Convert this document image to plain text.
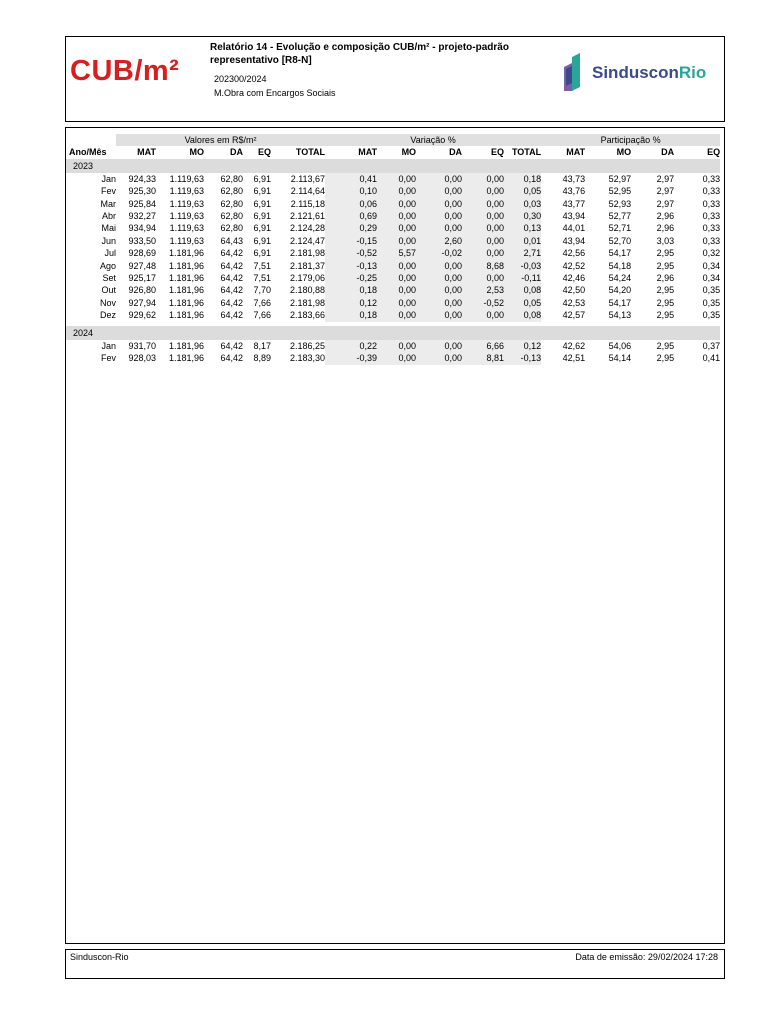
CUB/m²
Relatório 14 - Evolução e composição CUB/m² - projeto-padrão representativo [R8-N]
202300/2024
M.Obra com Encargos Sociais
SindusconRio
	Valores em R$/m²					Variação %					Participação %			
Ano/Mês	MAT	MO	DA	EQ	TOTAL	MAT	MO	DA	EQ	TOTAL	MAT	MO	DA	EQ
2023														
Jan	924,33	1.119,63	62,80	6,91	2.113,67	0,41	0,00	0,00	0,00	0,18	43,73	52,97	2,97	0,33
Fev	925,30	1.119,63	62,80	6,91	2.114,64	0,10	0,00	0,00	0,00	0,05	43,76	52,95	2,97	0,33
Mar	925,84	1.119,63	62,80	6,91	2.115,18	0,06	0,00	0,00	0,00	0,03	43,77	52,93	2,97	0,33
Abr	932,27	1.119,63	62,80	6,91	2.121,61	0,69	0,00	0,00	0,00	0,30	43,94	52,77	2,96	0,33
Mai	934,94	1.119,63	62,80	6,91	2.124,28	0,29	0,00	0,00	0,00	0,13	44,01	52,71	2,96	0,33
Jun	933,50	1.119,63	64,43	6,91	2.124,47	-0,15	0,00	2,60	0,00	0,01	43,94	52,70	3,03	0,33
Jul	928,69	1.181,96	64,42	6,91	2.181,98	-0,52	5,57	-0,02	0,00	2,71	42,56	54,17	2,95	0,32
Ago	927,48	1.181,96	64,42	7,51	2.181,37	-0,13	0,00	0,00	8,68	-0,03	42,52	54,18	2,95	0,34
Set	925,17	1.181,96	64,42	7,51	2.179,06	-0,25	0,00	0,00	0,00	-0,11	42,46	54,24	2,96	0,34
Out	926,80	1.181,96	64,42	7,70	2.180,88	0,18	0,00	0,00	2,53	0,08	42,50	54,20	2,95	0,35
Nov	927,94	1.181,96	64,42	7,66	2.181,98	0,12	0,00	0,00	-0,52	0,05	42,53	54,17	2,95	0,35
Dez	929,62	1.181,96	64,42	7,66	2.183,66	0,18	0,00	0,00	0,00	0,08	42,57	54,13	2,95	0,35

2024														
Jan	931,70	1.181,96	64,42	8,17	2.186,25	0,22	0,00	0,00	6,66	0,12	42,62	54,06	2,95	0,37
Fev	928,03	1.181,96	64,42	8,89	2.183,30	-0,39	0,00	0,00	8,81	-0,13	42,51	54,14	2,95	0,41
Sinduscon-Rio	Data de emissão: 29/02/2024 17:28
